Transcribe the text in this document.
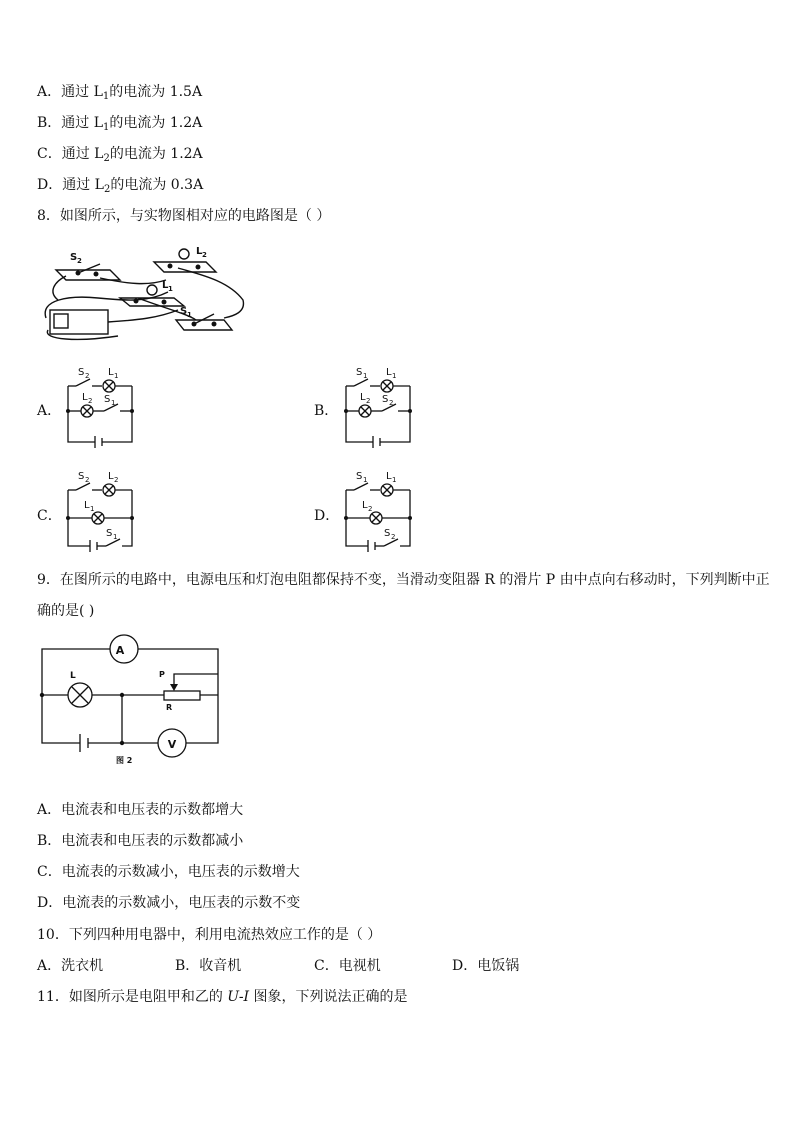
A．通过 $L_1$的电流为 1.5A
B．通过 $L_1$的电流为 1.2A
C．通过 $L_2$的电流为 1.2A
D．通过 $L_2$的电流为 0.3A
8．如图所示，与实物图相对应的电路图是（ ）
S 2
L 2
L 1
S 1
A．	B．
C．	D．
S 2 L 1
L 2 S 1
S 1 L 1
L 2 S 2
S 2 L 2
L 1
S 1
S 1 L 1
L 2
S 2
9．在图所示的电路中，电源电压和灯泡电阻都保持不变，当滑动变阻器 R 的滑片 P 由中点向右移动时，下列判断中正
确的是( )
A
V
L	P
R
图 2
A．电流表和电压表的示数都增大
B．电流表和电压表的示数都减小
C．电流表的示数减小，电压表的示数增大
D．电流表的示数减小，电压表的示数不变
10．下列四种用电器中，利用电流热效应工作的是（ ）
A．洗衣机	B．收音机	C．电视机	D．电饭锅
11．如图所示是电阻甲和乙的 U-I 图象，下列说法正确的是
